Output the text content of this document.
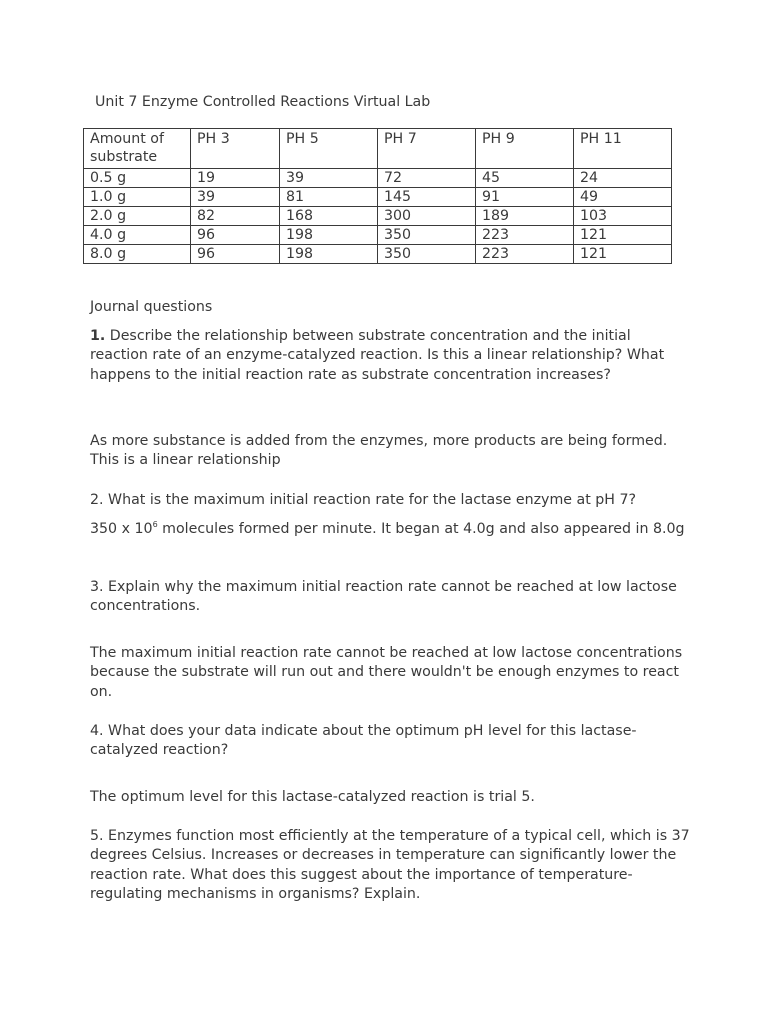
Unit 7 Enzyme Controlled Reactions Virtual Lab
Amount of substrate	PH 3	PH 5	PH 7	PH 9	PH 11
0.5 g	19	39	72	45	24
1.0 g	39	81	145	91	49
2.0 g	82	168	300	189	103
4.0 g	96	198	350	223	121
8.0 g	96	198	350	223	121
Journal questions

1. Describe the relationship between substrate concentration and the initial reaction rate of an enzyme-catalyzed reaction. Is this a linear relationship? What happens to the initial reaction rate as substrate concentration increases?

As more substance is added from the enzymes, more products are being formed. This is a linear relationship

2. What is the maximum initial reaction rate for the lactase enzyme at pH 7?

350 x $10^6$ molecules formed per minute. It began at 4.0g and also appeared in 8.0g

3. Explain why the maximum initial reaction rate cannot be reached at low lactose concentrations.

The maximum initial reaction rate cannot be reached at low lactose concentrations because the substrate will run out and there wouldn't be enough enzymes to react on.

4. What does your data indicate about the optimum pH level for this lactase-catalyzed reaction?

The optimum level for this lactase-catalyzed reaction is trial 5.

5. Enzymes function most efficiently at the temperature of a typical cell, which is 37 degrees Celsius. Increases or decreases in temperature can significantly lower the reaction rate. What does this suggest about the importance of temperature-regulating mechanisms in organisms? Explain.
